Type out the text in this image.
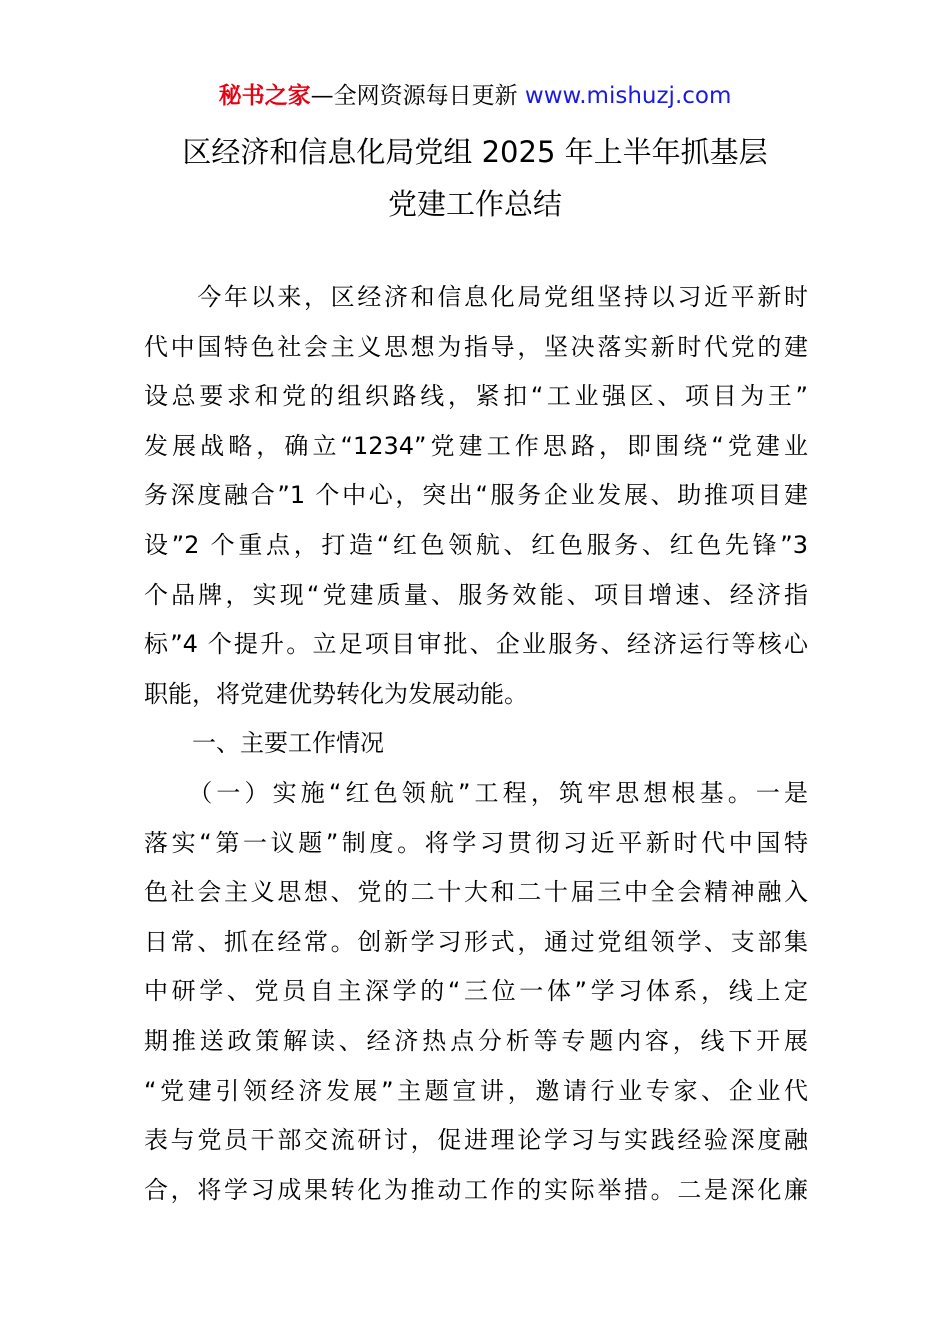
秘书之家—全网资源每日更新 www.mishuzj.com
区经济和信息化局党组 2025 年上半年抓基层
党建工作总结
　　今年以来，区经济和信息化局党组坚持以习近平新时
代中国特色社会主义思想为指导，坚决落实新时代党的建
设总要求和党的组织路线，紧扣“工业强区、项目为王”
发展战略，确立“1234”党建工作思路，即围绕“党建业
务深度融合”1 个中心，突出“服务企业发展、助推项目建
设”2 个重点，打造“红色领航、红色服务、红色先锋”3
个品牌，实现“党建质量、服务效能、项目增速、经济指
标”4 个提升。立足项目审批、企业服务、经济运行等核心
职能，将党建优势转化为发展动能。
　　一、主要工作情况
　　（一）实施“红色领航”工程，筑牢思想根基。一是
落实“第一议题”制度。将学习贯彻习近平新时代中国特
色社会主义思想、党的二十大和二十届三中全会精神融入
日常、抓在经常。创新学习形式，通过党组领学、支部集
中研学、党员自主深学的“三位一体”学习体系，线上定
期推送政策解读、经济热点分析等专题内容，线下开展
“党建引领经济发展”主题宣讲，邀请行业专家、企业代
表与党员干部交流研讨，促进理论学习与实践经验深度融
合，将学习成果转化为推动工作的实际举措。二是深化廉
